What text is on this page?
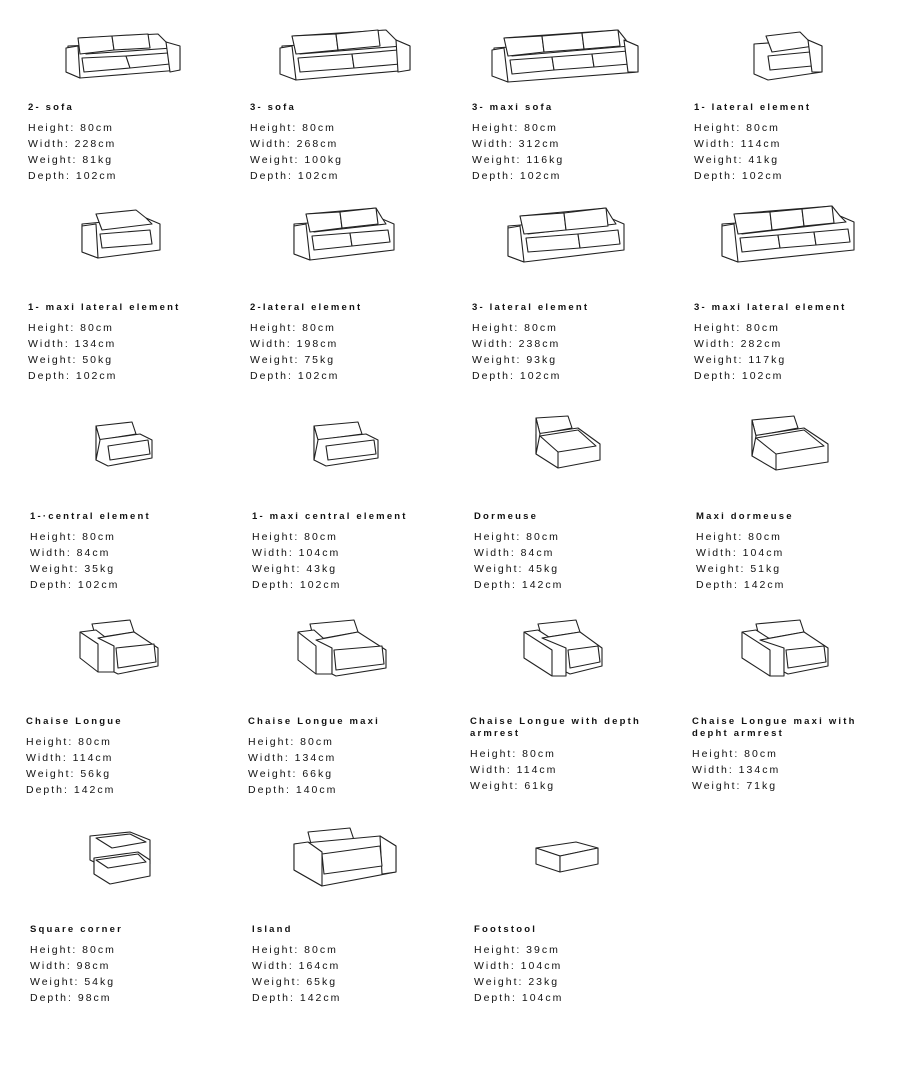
2- sofa
Height: 80cm
Width: 228cm
Weight: 81kg
Depth: 102cm
3- sofa
Height: 80cm
Width: 268cm
Weight: 100kg
Depth: 102cm
3- maxi sofa
Height: 80cm
Width: 312cm
Weight: 116kg
Depth: 102cm
1- lateral element
Height: 80cm
Width: 114cm
Weight: 41kg
Depth: 102cm
1- maxi lateral element
Height: 80cm
Width: 134cm
Weight: 50kg
Depth: 102cm
2-lateral element
Height: 80cm
Width: 198cm
Weight: 75kg
Depth: 102cm
3- lateral element
Height: 80cm
Width: 238cm
Weight: 93kg
Depth: 102cm
3- maxi lateral element
Height: 80cm
Width: 282cm
Weight: 117kg
Depth: 102cm
1-·central element
Height: 80cm
Width: 84cm
Weight: 35kg
Depth: 102cm
1- maxi central element
Height: 80cm
Width: 104cm
Weight: 43kg
Depth: 102cm
Dormeuse
Height: 80cm
Width: 84cm
Weight: 45kg
Depth: 142cm
Maxi dormeuse
Height: 80cm
Width: 104cm
Weight: 51kg
Depth: 142cm
Chaise Longue
Height: 80cm
Width: 114cm
Weight: 56kg
Depth: 142cm
Chaise Longue maxi
Height: 80cm
Width: 134cm
Weight: 66kg
Depth: 140cm
Chaise Longue with depth armrest
Height: 80cm
Width: 114cm
Weight: 61kg
Chaise Longue maxi with depht armrest
Height: 80cm
Width: 134cm
Weight: 71kg
Square corner
Height: 80cm
Width: 98cm
Weight: 54kg
Depth: 98cm
Island
Height: 80cm
Width: 164cm
Weight: 65kg
Depth: 142cm
Footstool
Height: 39cm
Width: 104cm
Weight: 23kg
Depth: 104cm
